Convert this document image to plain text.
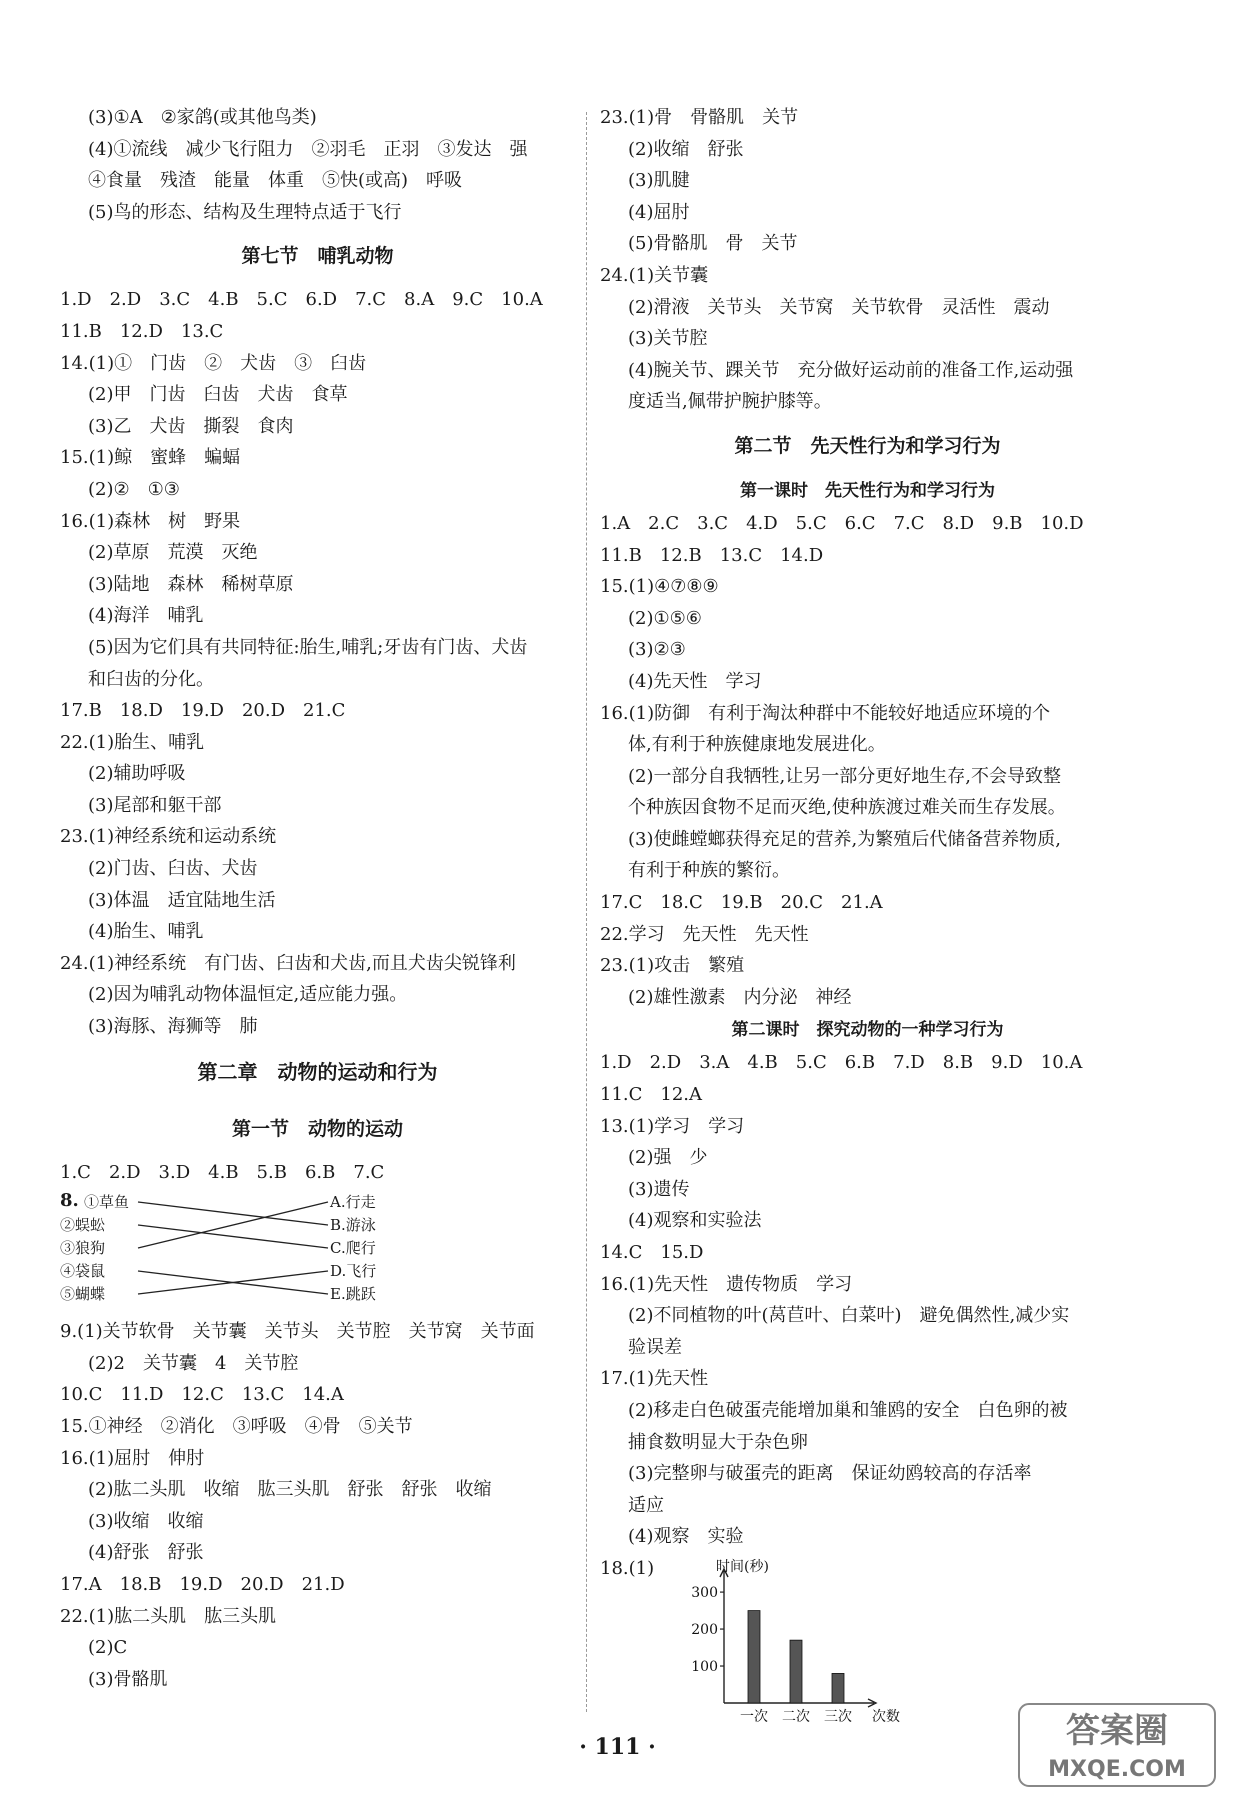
(3)①A　②家鸽(或其他鸟类)
(4)①流线　减少飞行阻力　②羽毛　正羽　③发达　强
④食量　残渣　能量　体重　⑤快(或高)　呼吸
(5)鸟的形态、结构及生理特点适于飞行
第七节　哺乳动物
1.D　2.D　3.C　4.B　5.C　6.D　7.C　8.A　9.C　10.A
11.B　12.D　13.C
14.(1)①　门齿　②　犬齿　③　臼齿
(2)甲　门齿　臼齿　犬齿　食草
(3)乙　犬齿　撕裂　食肉
15.(1)鲸　蜜蜂　蝙蝠
(2)②　①③
16.(1)森林　树　野果
(2)草原　荒漠　灭绝
(3)陆地　森林　稀树草原
(4)海洋　哺乳
(5)因为它们具有共同特征:胎生,哺乳;牙齿有门齿、犬齿
和臼齿的分化。
17.B　18.D　19.D　20.D　21.C
22.(1)胎生、哺乳
(2)辅助呼吸
(3)尾部和躯干部
23.(1)神经系统和运动系统
(2)门齿、臼齿、犬齿
(3)体温　适宜陆地生活
(4)胎生、哺乳
24.(1)神经系统　有门齿、臼齿和犬齿,而且犬齿尖锐锋利
(2)因为哺乳动物体温恒定,适应能力强。
(3)海豚、海狮等　肺
第二章　动物的运动和行为
第一节　动物的运动
1.C　2.D　3.D　4.B　5.B　6.B　7.C
8. ①草鱼
②蜈蚣
③狼狗
④袋鼠
⑤蝴蝶
A.行走
B.游泳
C.爬行
D.飞行
E.跳跃
9.(1)关节软骨　关节囊　关节头　关节腔　关节窝　关节面
(2)2　关节囊　4　关节腔
10.C　11.D　12.C　13.C　14.A
15.①神经　②消化　③呼吸　④骨　⑤关节
16.(1)屈肘　伸肘
(2)肱二头肌　收缩　肱三头肌　舒张　舒张　收缩
(3)收缩　收缩
(4)舒张　舒张
17.A　18.B　19.D　20.D　21.D
22.(1)肱二头肌　肱三头肌
(2)C
(3)骨骼肌
23.(1)骨　骨骼肌　关节
(2)收缩　舒张
(3)肌腱
(4)屈肘
(5)骨骼肌　骨　关节
24.(1)关节囊
(2)滑液　关节头　关节窝　关节软骨　灵活性　震动
(3)关节腔
(4)腕关节、踝关节　充分做好运动前的准备工作,运动强
度适当,佩带护腕护膝等。
第二节　先天性行为和学习行为
第一课时　先天性行为和学习行为
1.A　2.C　3.C　4.D　5.C　6.C　7.C　8.D　9.B　10.D
11.B　12.B　13.C　14.D
15.(1)④⑦⑧⑨
(2)①⑤⑥
(3)②③
(4)先天性　学习
16.(1)防御　有利于淘汰种群中不能较好地适应环境的个
体,有利于种族健康地发展进化。
(2)一部分自我牺牲,让另一部分更好地生存,不会导致整
个种族因食物不足而灭绝,使种族渡过难关而生存发展。
(3)使雌螳螂获得充足的营养,为繁殖后代储备营养物质,
有利于种族的繁衍。
17.C　18.C　19.B　20.C　21.A
22.学习　先天性　先天性
23.(1)攻击　繁殖
(2)雄性激素　内分泌　神经
第二课时　探究动物的一种学习行为
1.D　2.D　3.A　4.B　5.C　6.B　7.D　8.B　9.D　10.A
11.C　12.A
13.(1)学习　学习
(2)强　少
(3)遗传
(4)观察和实验法
14.C　15.D
16.(1)先天性　遗传物质　学习
(2)不同植物的叶(莴苣叶、白菜叶)　避免偶然性,减少实
验误差
17.(1)先天性
(2)移走白色破蛋壳能增加巢和雏鸥的安全　白色卵的被
捕食数明显大于杂色卵
(3)完整卵与破蛋壳的距离　保证幼鸥较高的存活率
适应
(4)观察　实验
18.(1)	时间(秒)
100
200
300
一次 二次 三次 次数
· 111 ·	答案圈
MXQE.COM
